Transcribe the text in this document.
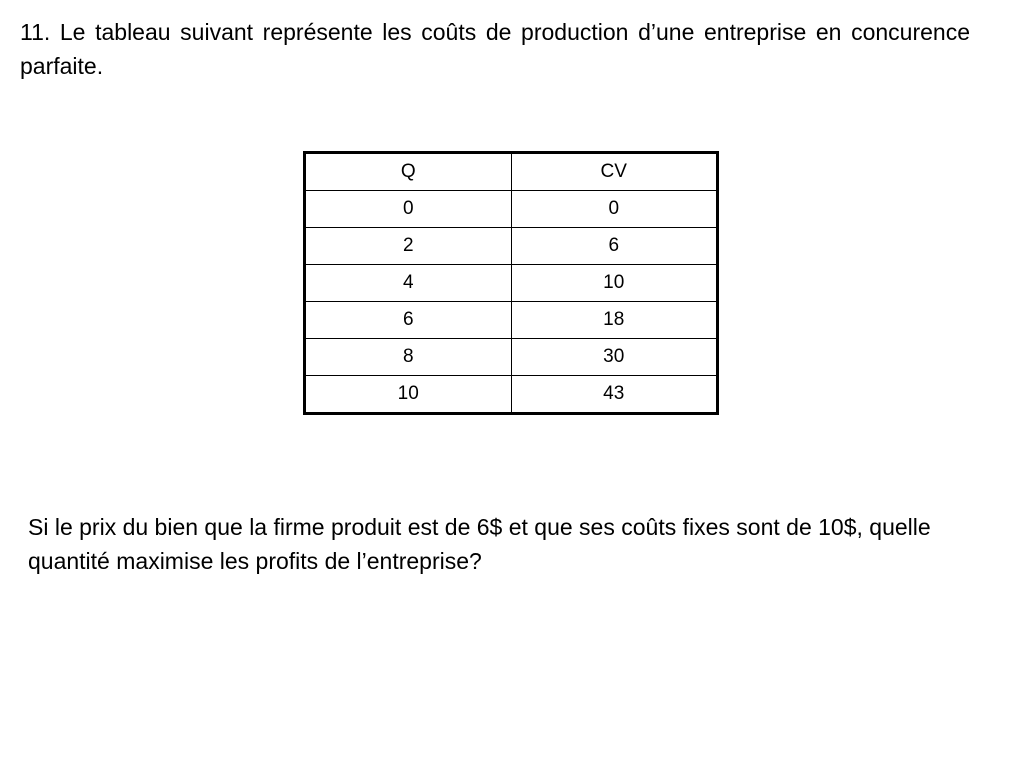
11. Le tableau suivant représente les coûts de production d’une entreprise en concurence parfaite.

Q	CV
0	0
2	6
4	10
6	18
8	30
10	43

Si le prix du bien que la firme produit est de 6$ et que ses coûts fixes sont de 10$, quelle quantité maximise les profits de l’entreprise?
